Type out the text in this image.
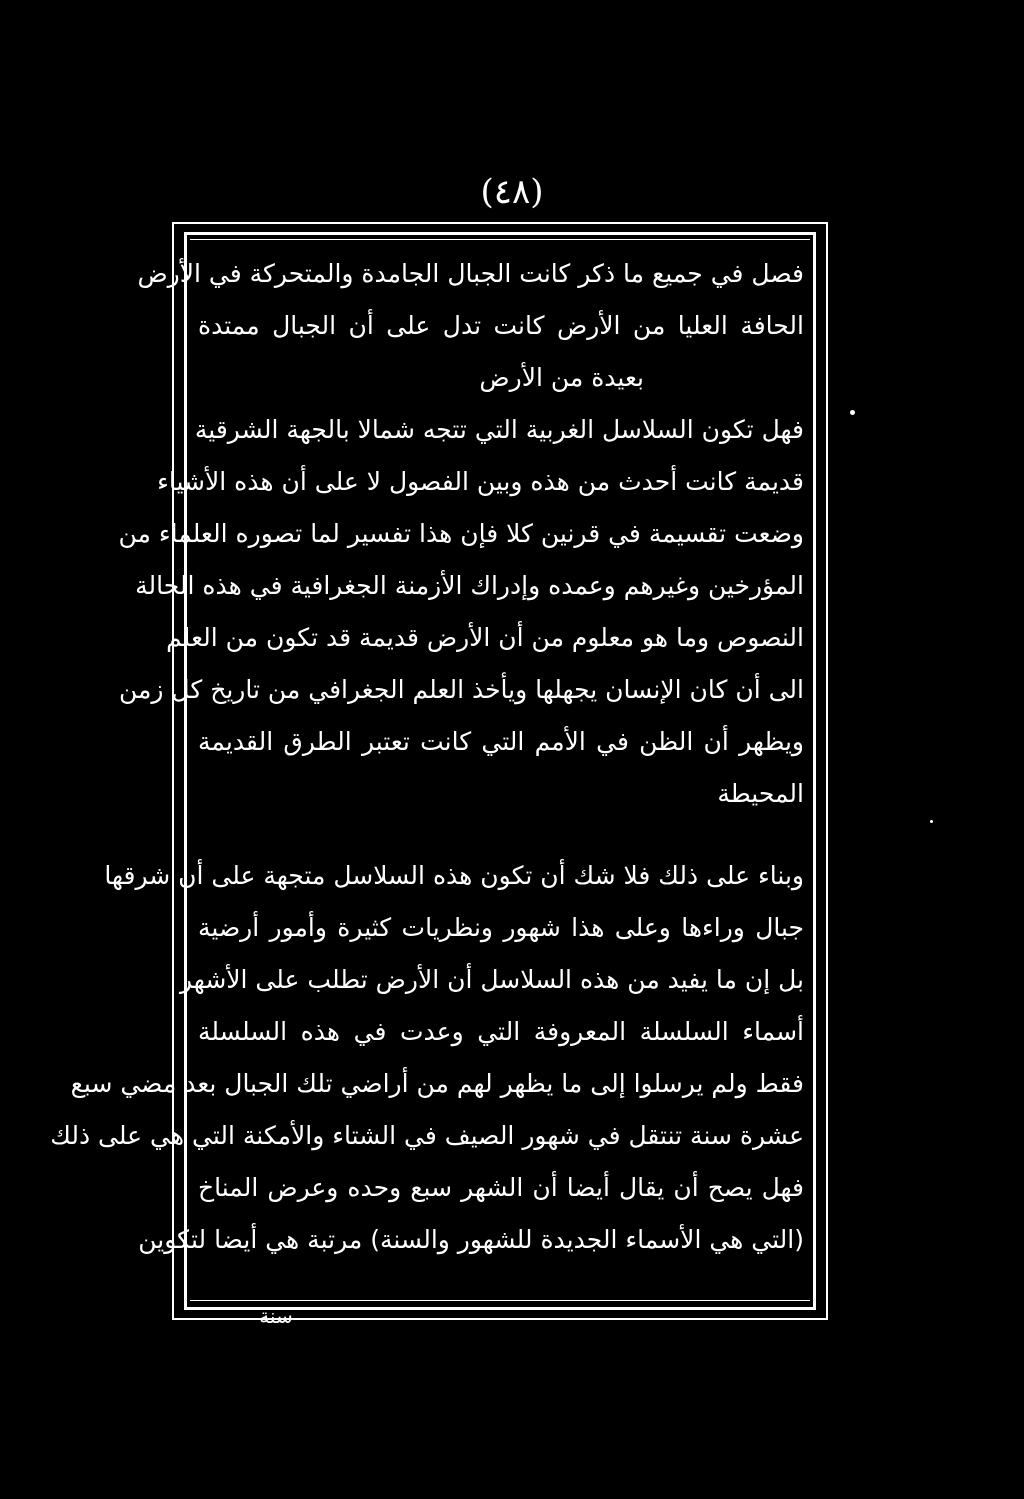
(٤٨)
فصل في جميع ما ذكر كانت الجبال الجامدة والمتحركة في الأرض
الحافة العليا من الأرض كانت تدل على أن الجبال ممتدة
بعيدة من الأرض
فهل تكون السلاسل الغربية التي تتجه شمالا بالجهة الشرقية
قديمة كانت أحدث من هذه وبين الفصول لا على أن هذه الأشياء
وضعت تقسيمة في قرنين كلا فإن هذا تفسير لما تصوره العلماء من
المؤرخين وغيرهم وعمده وإدراك الأزمنة الجغرافية في هذه الحالة
النصوص وما هو معلوم من أن الأرض قديمة قد تكون من العلم
الى أن كان الإنسان يجهلها ويأخذ العلم الجغرافي من تاريخ كل زمن
ويظهر أن الظن في الأمم التي كانت تعتبر الطرق القديمة
المحيطة
وبناء على ذلك فلا شك أن تكون هذه السلاسل متجهة على أن شرقها
جبال وراءها وعلى هذا شهور ونظريات كثيرة وأمور أرضية
بل إن ما يفيد من هذه السلاسل أن الأرض تطلب على الأشهر
أسماء السلسلة المعروفة التي وعدت في هذه السلسلة
فقط ولم يرسلوا إلى ما يظهر لهم من أراضي تلك الجبال بعد مضي سبع
عشرة سنة تنتقل في شهور الصيف في الشتاء والأمكنة التي هي على ذلك
فهل يصح أن يقال أيضا أن الشهر سبع وحده وعرض المناخ
(التي هي الأسماء الجديدة للشهور والسنة) مرتبة هي أيضا لتكوين
سنة
